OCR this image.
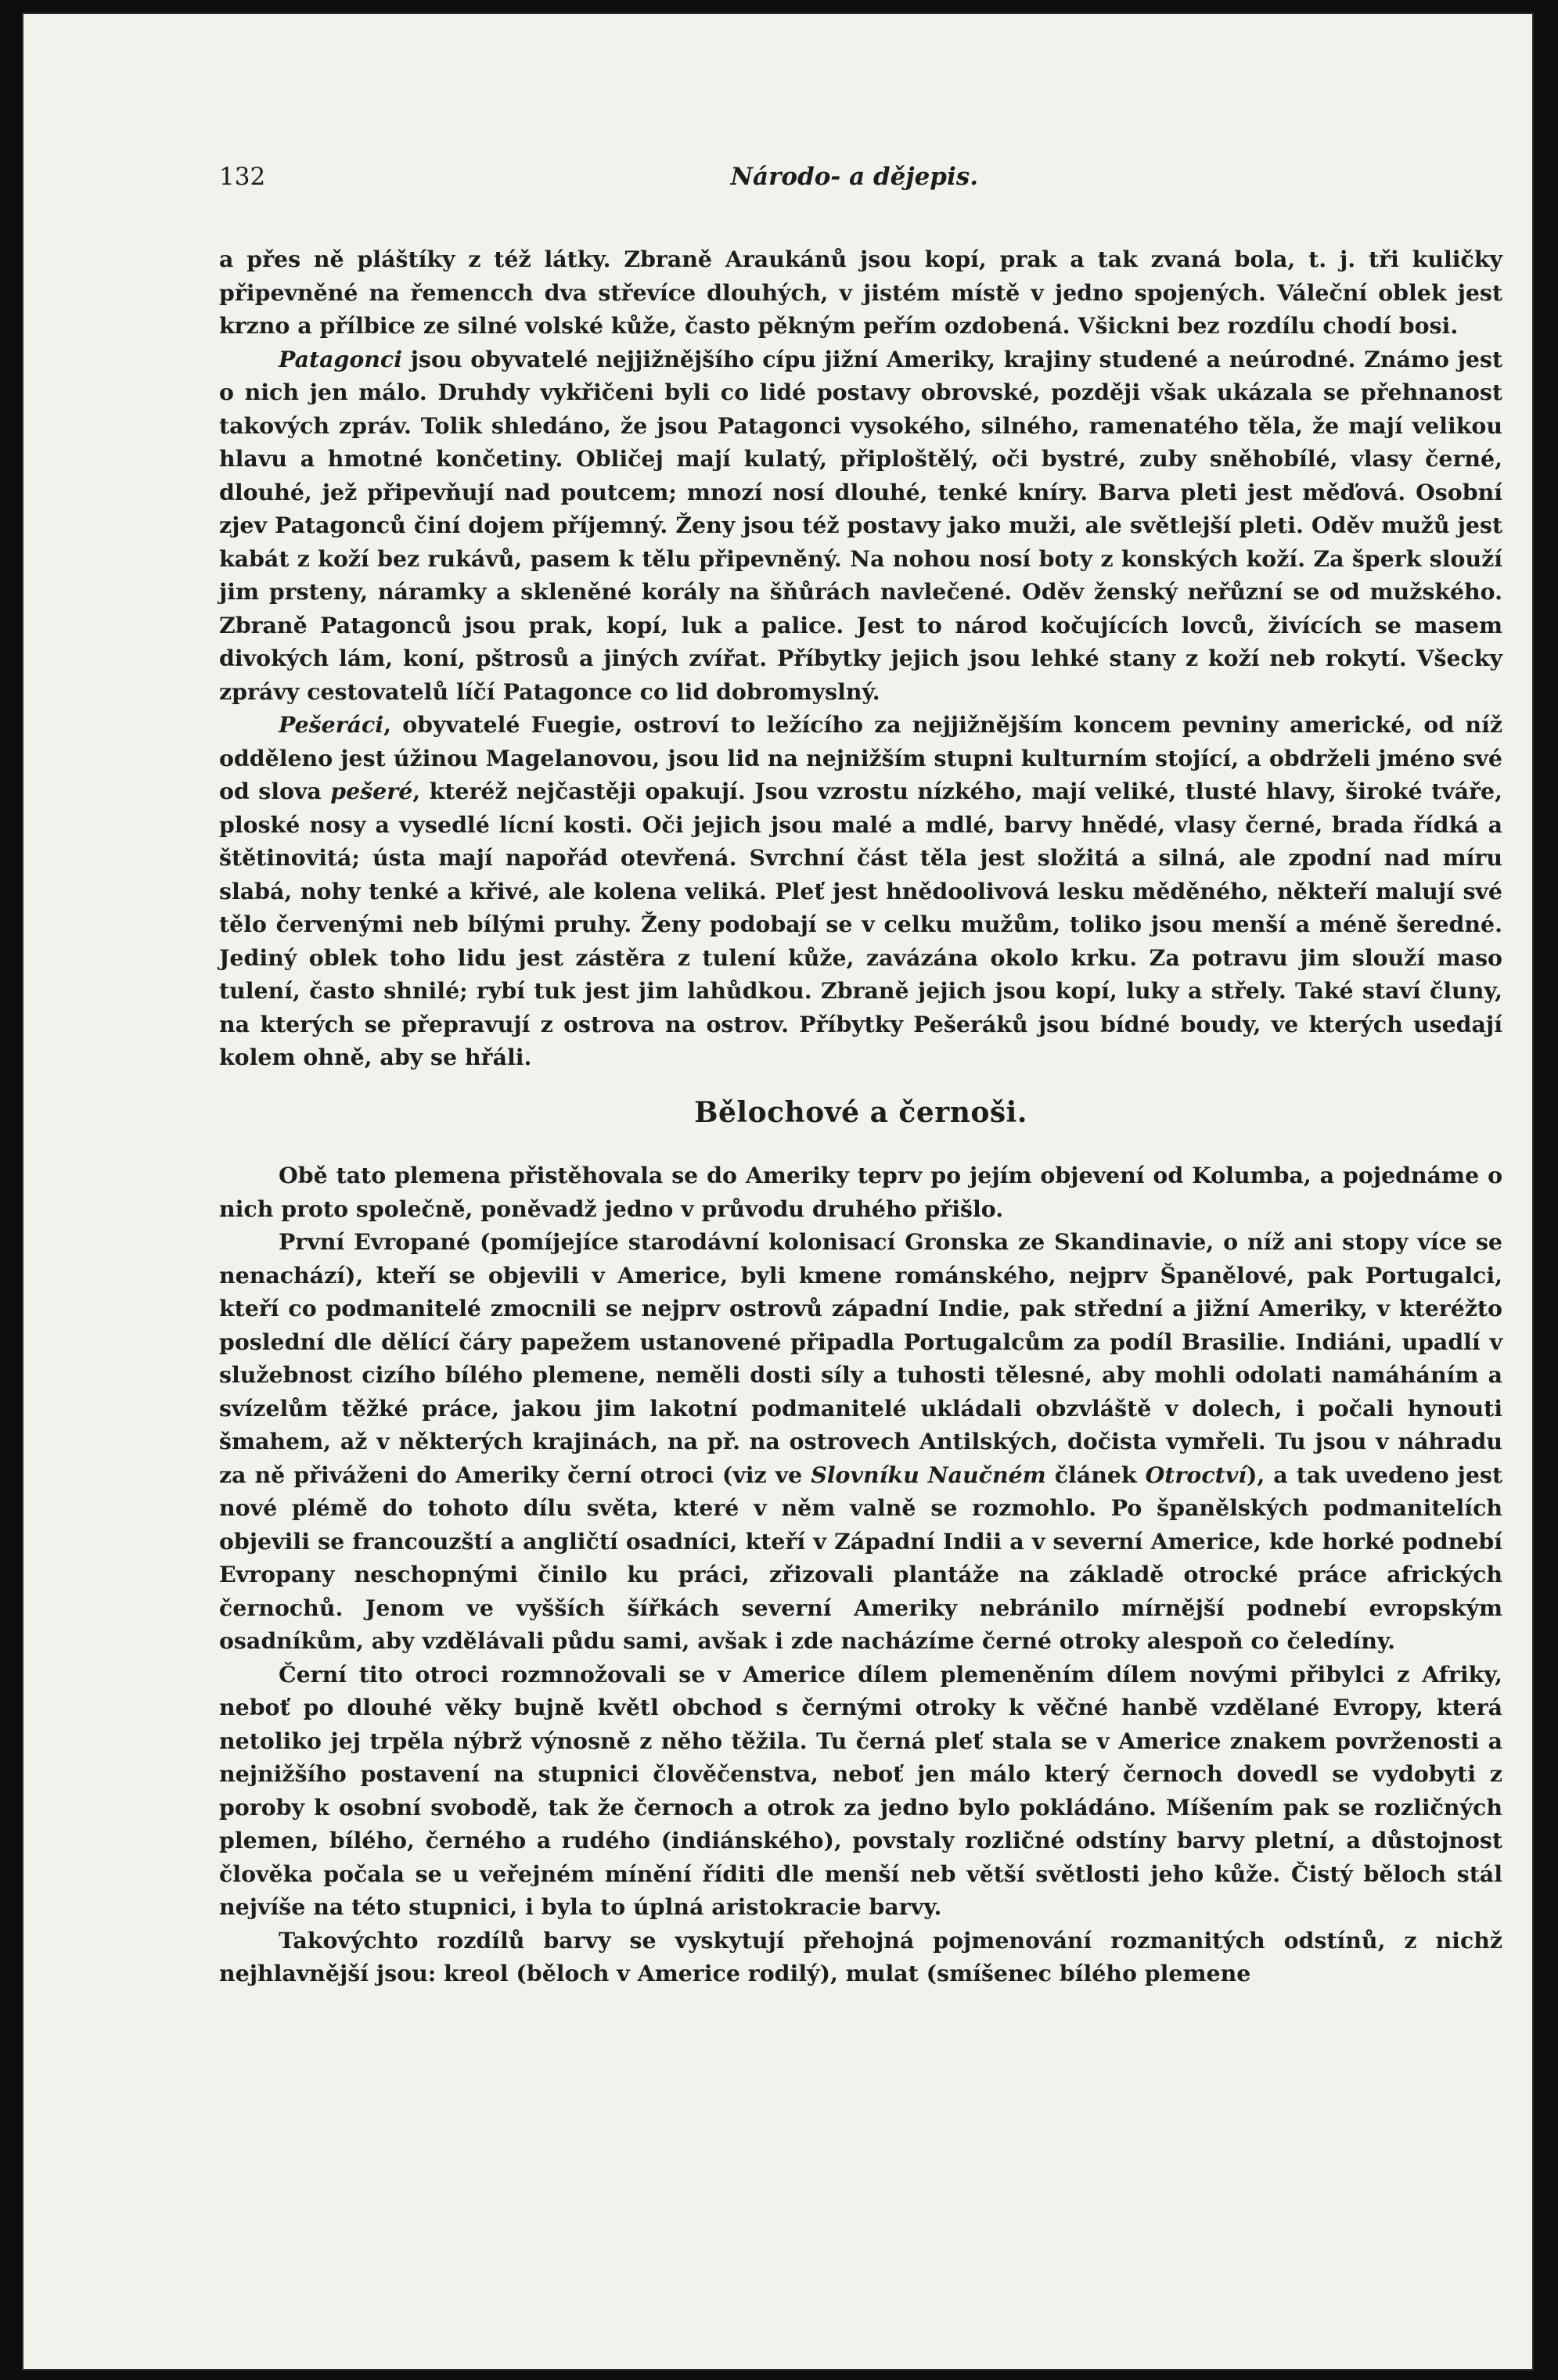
132	Národo- a dějepis.

a přes ně pláštíky z též látky. Zbraně Araukánů jsou kopí, prak a tak zvaná bola, t. j. tři kuličky připevněné na řemencch dva střevíce dlouhých, v jistém místě v jedno spojených. Váleční oblek jest krzno a přílbice ze silné volské kůže, často pěkným peřím ozdobená. Všickni bez rozdílu chodí bosi.

Patagonci jsou obyvatelé nejjižnějšího cípu jižní Ameriky, krajiny studené a neúrodné. Známo jest o nich jen málo. Druhdy vykřičeni byli co lidé postavy obrovské, později však ukázala se přehnanost takových zpráv. Tolik shledáno, že jsou Patagonci vysokého, silného, ramenatého těla, že mají velikou hlavu a hmotné končetiny. Obličej mají kulatý, připloštělý, oči bystré, zuby sněhobílé, vlasy černé, dlouhé, jež připevňují nad poutcem; mnozí nosí dlouhé, tenké kníry. Barva pleti jest měďová. Osobní zjev Patagonců činí dojem příjemný. Ženy jsou též postavy jako muži, ale světlejší pleti. Oděv mužů jest kabát z koží bez rukávů, pasem k tělu připevněný. Na nohou nosí boty z konských koží. Za šperk slouží jim prsteny, náramky a skleněné korály na šňůrách navlečené. Oděv ženský neřůzní se od mužského. Zbraně Patagonců jsou prak, kopí, luk a palice. Jest to národ kočujících lovců, živících se masem divokých lám, koní, pštrosů a jiných zvířat. Příbytky jejich jsou lehké stany z koží neb rokytí. Všecky zprávy cestovatelů líčí Patagonce co lid dobromyslný.

Pešeráci, obyvatelé Fuegie, ostroví to ležícího za nejjižnějším koncem pevniny americké, od níž odděleno jest úžinou Magelanovou, jsou lid na nejnižším stupni kulturním stojící, a obdrželi jméno své od slova pešeré, kteréž nejčastěji opakují. Jsou vzrostu nízkého, mají veliké, tlusté hlavy, široké tváře, ploské nosy a vysedlé lícní kosti. Oči jejich jsou malé a mdlé, barvy hnědé, vlasy černé, brada řídká a štětinovitá; ústa mají napořád otevřená. Svrchní část těla jest složitá a silná, ale zpodní nad míru slabá, nohy tenké a křivé, ale kolena veliká. Pleť jest hnědoolivová lesku měděného, někteří malují své tělo červenými neb bílými pruhy. Ženy podobají se v celku mužům, toliko jsou menší a méně šeredné. Jediný oblek toho lidu jest zástěra z tulení kůže, zavázána okolo krku. Za potravu jim slouží maso tulení, často shnilé; rybí tuk jest jim lahůdkou. Zbraně jejich jsou kopí, luky a střely. Také staví čluny, na kterých se přepravují z ostrova na ostrov. Příbytky Pešeráků jsou bídné boudy, ve kterých usedají kolem ohně, aby se hřáli.

Bělochové a černoši.

Obě tato plemena přistěhovala se do Ameriky teprv po jejím objevení od Kolumba, a pojednáme o nich proto společně, poněvadž jedno v průvodu druhého přišlo.

První Evropané (pomíjejíce starodávní kolonisací Gronska ze Skandinavie, o níž ani stopy více se nenachází), kteří se objevili v Americe, byli kmene románského, nejprv Španělové, pak Portugalci, kteří co podmanitelé zmocnili se nejprv ostrovů západní Indie, pak střední a jižní Ameriky, v kteréžto poslední dle dělící čáry papežem ustanovené připadla Portugalcům za podíl Brasilie. Indiáni, upadlí v služebnost cizího bílého plemene, neměli dosti síly a tuhosti tělesné, aby mohli odolati namáháním a svízelům těžké práce, jakou jim lakotní podmanitelé ukládali obzvláště v dolech, i počali hynouti šmahem, až v některých krajinách, na př. na ostrovech Antilských, dočista vymřeli. Tu jsou v náhradu za ně přiváženi do Ameriky černí otroci (viz ve Slovníku Naučném článek Otroctví), a tak uvedeno jest nové plémě do tohoto dílu světa, které v něm valně se rozmohlo. Po španělských podmanitelích objevili se francouzští a angličtí osadníci, kteří v Západní Indii a v severní Americe, kde horké podnebí Evropany neschopnými činilo ku práci, zřizovali plantáže na základě otrocké práce afrických černochů. Jenom ve vyšších šířkách severní Ameriky nebránilo mírnější podnebí evropským osadníkům, aby vzdělávali půdu sami, avšak i zde nacházíme černé otroky alespoň co čeledíny.

Černí tito otroci rozmnožovali se v Americe dílem plemeněním dílem novými přibylci z Afriky, neboť po dlouhé věky bujně květl obchod s černými otroky k věčné hanbě vzdělané Evropy, která netoliko jej trpěla nýbrž výnosně z něho těžila. Tu černá pleť stala se v Americe znakem povrženosti a nejnižšího postavení na stupnici člověčenstva, neboť jen málo který černoch dovedl se vydobyti z poroby k osobní svobodě, tak že černoch a otrok za jedno bylo pokládáno. Míšením pak se rozličných plemen, bílého, černého a rudého (indiánského), povstaly rozličné odstíny barvy pletní, a důstojnost člověka počala se u veřejném mínění říditi dle menší neb větší světlosti jeho kůže. Čistý běloch stál nejvíše na této stupnici, i byla to úplná aristokracie barvy.

Takovýchto rozdílů barvy se vyskytují přehojná pojmenování rozmanitých odstínů, z nichž nejhlavnější jsou: kreol (běloch v Americe rodilý), mulat (smíšenec bílého plemene
